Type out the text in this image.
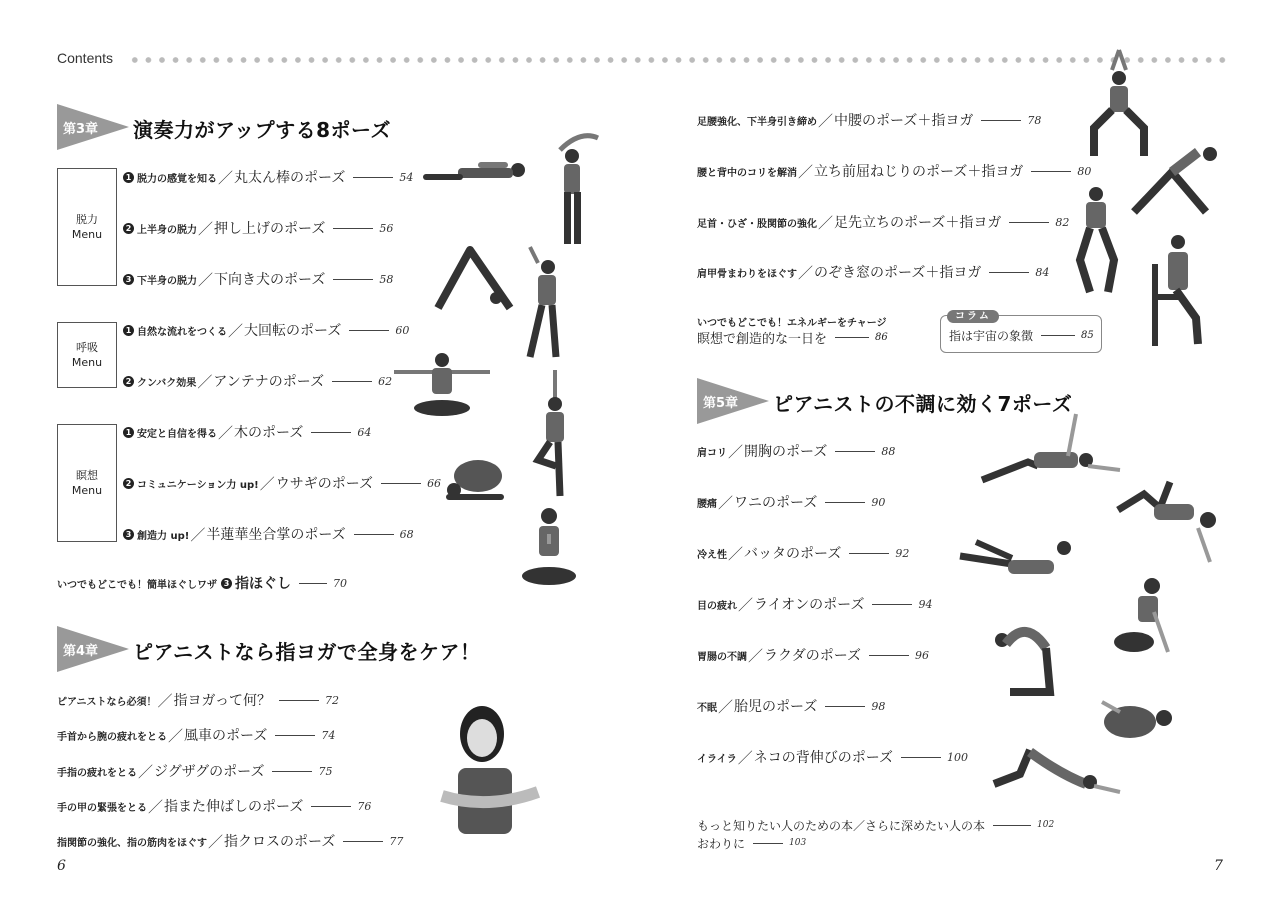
Contents
第3章 演奏力がアップする8ポーズ
脱力
Menu
呼吸
Menu
瞑想
Menu
1 脱力の感覚を知る ／ 丸太ん棒のポーズ	54
2 上半身の脱力 ／ 押し上げのポーズ	56
3 下半身の脱力 ／ 下向き犬のポーズ	58
1 自然な流れをつくる ／ 大回転のポーズ	60
2 クンバク効果 ／ アンテナのポーズ	62
1 安定と自信を得る ／ 木のポーズ	64
2 コミュニケーション力 up! ／ ウサギのポーズ	66
3 創造力 up! ／ 半蓮華坐合掌のポーズ	68
いつでもどこでも！簡単ほぐしワザ 3 指ほぐし	70
第4章 ピアニストなら指ヨガで全身をケア！
ピアニストなら必須！ ／ 指ヨガって何？	72
手首から腕の疲れをとる ／ 風車のポーズ	74
手指の疲れをとる ／ ジグザグのポーズ	75
手の甲の緊張をとる ／ 指また伸ばしのポーズ	76
指関節の強化、指の筋肉をほぐす ／ 指クロスのポーズ	77
6
足腰強化、下半身引き締め ／ 中腰のポーズ＋指ヨガ	78
腰と背中のコリを解消 ／ 立ち前屈ねじりのポーズ＋指ヨガ	80
足首・ひざ・股関節の強化 ／ 足先立ちのポーズ＋指ヨガ	82
肩甲骨まわりをほぐす ／ のぞき窓のポーズ＋指ヨガ	84
いつでもどこでも！エネルギーをチャージ
瞑想で創造的な一日を	86
コラム
指は宇宙の象徴	85
第5章 ピアニストの不調に効く7ポーズ
肩コリ ／ 開胸のポーズ	88
腰痛 ／ ワニのポーズ	90
冷え性 ／ バッタのポーズ	92
目の疲れ ／ ライオンのポーズ	94
胃腸の不調 ／ ラクダのポーズ	96
不眠 ／ 胎児のポーズ	98
イライラ ／ ネコの背伸びのポーズ	100
もっと知りたい人のための本／さらに深めたい人の本	102
おわりに	103
7
